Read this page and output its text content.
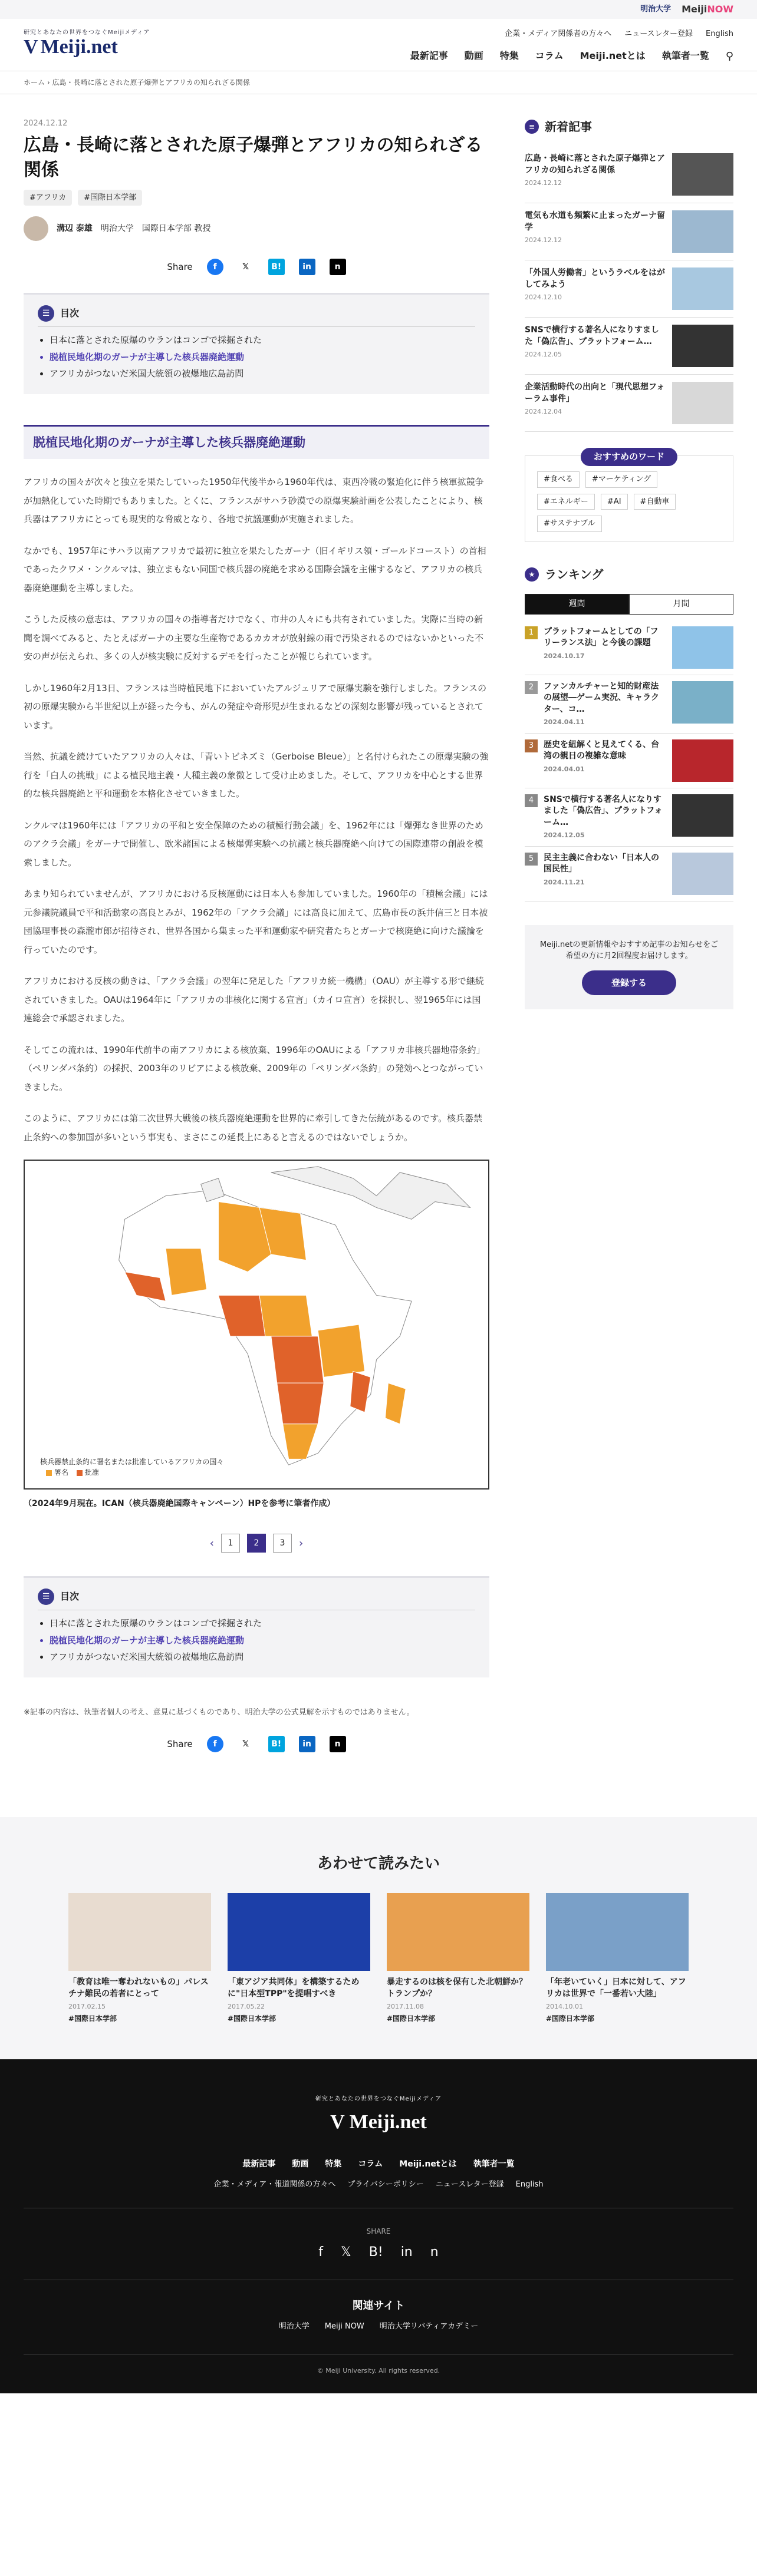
明治大学 MeijiNOW
研究とあなたの世界をつなぐMeijiメディア
V Meiji.net
企業・メディア関係者の方々へ ニュースレター登録 English
最新記事 動画 特集 コラム Meiji.netとは 執筆者一覧 ⚲
ホーム › 広島・長崎に落とされた原子爆弾とアフリカの知られざる関係
2024.12.12
広島・長崎に落とされた原子爆弾とアフリカの知られざる関係
#アフリカ	#国際日本学部
溝辺 泰雄 明治大学　国際日本学部 教授
Share	f	𝕏	B!	in	n
☰	目次
• 日本に落とされた原爆のウランはコンゴで採掘された
• 脱植民地化期のガーナが主導した核兵器廃絶運動
• アフリカがつないだ米国大統領の被爆地広島訪問
脱植民地化期のガーナが主導した核兵器廃絶運動

アフリカの国々が次々と独立を果たしていった1950年代後半から1960年代は、東西冷戦の緊迫化に伴う核軍拡競争が加熱化していた時期でもありました。とくに、フランスがサハラ砂漠での原爆実験計画を公表したことにより、核兵器はアフリカにとっても現実的な脅威となり、各地で抗議運動が実施されました。

なかでも、1957年にサハラ以南アフリカで最初に独立を果たしたガーナ（旧イギリス領・ゴールドコースト）の首相であったクワメ・ンクルマは、独立まもない同国で核兵器の廃絶を求める国際会議を主催するなど、アフリカの核兵器廃絶運動を主導しました。

こうした反核の意志は、アフリカの国々の指導者だけでなく、市井の人々にも共有されていました。実際に当時の新聞を調べてみると、たとえばガーナの主要な生産物であるカカオが放射線の雨で汚染されるのではないかといった不安の声が伝えられ、多くの人が核実験に反対するデモを行ったことが報じられています。

しかし1960年2月13日、フランスは当時植民地下においていたアルジェリアで原爆実験を強行しました。フランスの初の原爆実験から半世紀以上が経った今も、がんの発症や奇形児が生まれるなどの深刻な影響が残っているとされています。

当然、抗議を続けていたアフリカの人々は、「青いトビネズミ（Gerboise Bleue）」と名付けられたこの原爆実験の強行を「白人の挑戦」による植民地主義・人種主義の象徴として受け止めました。そして、アフリカを中心とする世界的な核兵器廃絶と平和運動を本格化させていきました。

ンクルマは1960年には「アフリカの平和と安全保障のための積極行動会議」を、1962年には「爆弾なき世界のためのアクラ会議」をガーナで開催し、欧米諸国による核爆弾実験への抗議と核兵器廃絶へ向けての国際連帯の創設を模索しました。

あまり知られていませんが、アフリカにおける反核運動には日本人も参加していました。1960年の「積極会議」には元参議院議員で平和活動家の高良とみが、1962年の「アクラ会議」には高良に加えて、広島市長の浜井信三と日本被団協理事長の森瀧市郎が招待され、世界各国から集まった平和運動家や研究者たちとガーナで核廃絶に向けた議論を行っていたのです。

アフリカにおける反核の動きは、「アクラ会議」の翌年に発足した「アフリカ統一機構」（OAU）が主導する形で継続されていきました。OAUは1964年に「アフリカの非核化に関する宣言」（カイロ宣言）を採択し、翌1965年には国連総会で承認されました。

そしてこの流れは、1990年代前半の南アフリカによる核放棄、1996年のOAUによる「アフリカ非核兵器地帯条約」（ペリンダバ条約）の採択、2003年のリビアによる核放棄、2009年の「ペリンダバ条約」の発効へとつながっていきました。

このように、アフリカには第二次世界大戦後の核兵器廃絶運動を世界的に牽引してきた伝統があるのです。核兵器禁止条約への参加国が多いという事実も、まさにこの延長上にあると言えるのではないでしょうか。

核兵器禁止条約に署名または批准しているアフリカの国々
署名 批准
（2024年9月現在。ICAN（核兵器廃絶国際キャンペーン）HPを参考に筆者作成）
‹	1	2	3	›
☰	目次
• 日本に落とされた原爆のウランはコンゴで採掘された
• 脱植民地化期のガーナが主導した核兵器廃絶運動
• アフリカがつないだ米国大統領の被爆地広島訪問
※記事の内容は、執筆者個人の考え、意見に基づくものであり、明治大学の公式見解を示すものではありません。
Share	f	𝕏	B!	in	n
≡ 新着記事
広島・長崎に落とされた原子爆弾とアフリカの知られざる関係
2024.12.12
電気も水道も頻繁に止まったガーナ留学
2024.12.12
「外国人労働者」というラベルをはがしてみよう
2024.12.10
SNSで横行する著名人になりすました「偽広告」、プラットフォーム…
2024.12.05
企業活動時代の出向と「現代思想フォーラム事件」
2024.12.04
おすすめのワード
#食べる	#マーケティング
#エネルギー	#AI	#自動車
#サステナブル
★ ランキング
週間	月間
1	プラットフォームとしての「フリーランス法」と今後の課題
2024.10.17
2	ファンカルチャーと知的財産法の展望―ゲーム実況、キャラクター、コ…
2024.04.11
3	歴史を紐解くと見えてくる、台湾の親日の複雑な意味
2024.04.01
4	SNSで横行する著名人になりすました「偽広告」、プラットフォーム…
2024.12.05
5	民主主義に合わない「日本人の国民性」
2024.11.21
Meiji.netの更新情報やおすすめ記事のお知らせをご希望の方に月2回程度お届けします。
登録する
あわせて読みたい
「教育は唯一奪われないもの」パレスチナ難民の若者にとって
2017.02.15
#国際日本学部
「東アジア共同体」を構築するために"日本型TPP"を提唱すべき
2017.05.22
#国際日本学部
暴走するのは核を保有した北朝鮮か？トランプか？
2017.11.08
#国際日本学部
「年老いていく」日本に対して、アフリカは世界で「一番若い大陸」
2014.10.01
#国際日本学部
研究とあなたの世界をつなぐMeijiメディア
V Meiji.net
最新記事 動画 特集 コラム Meiji.netとは 執筆者一覧
企業・メディア・報道関係の方々へ プライバシーポリシー ニュースレター登録 English
SHARE
f 𝕏 B! in n
関連サイト
明治大学 Meiji NOW 明治大学リバティアカデミー
© Meiji University. All rights reserved.
